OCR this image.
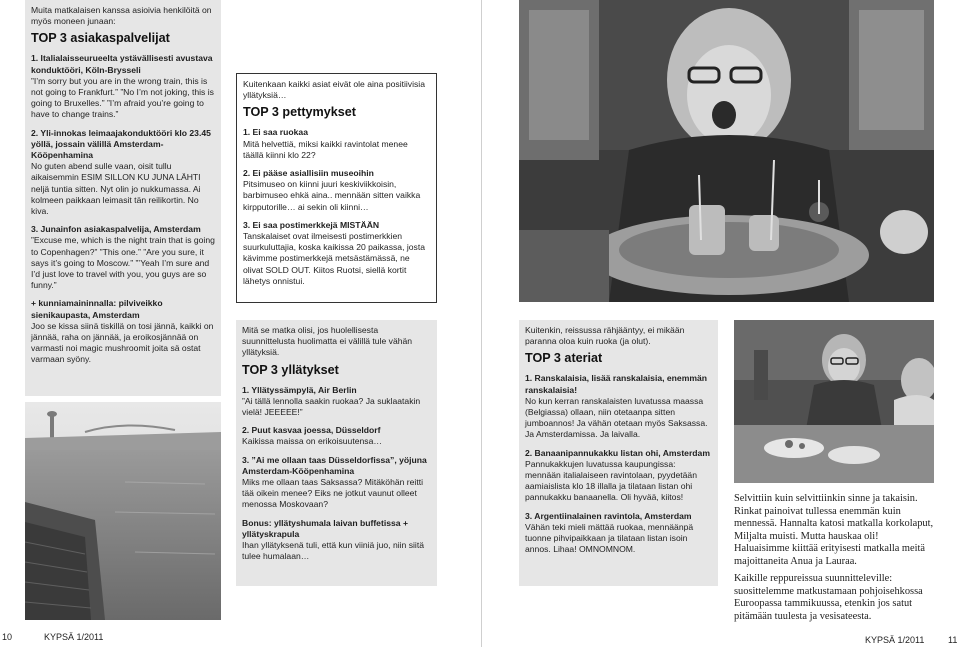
Muita matkalaisen kanssa asioivia henkilöitä on myös moneen junaan:
TOP 3 asiakaspalvelijat
1. Italialaisseurueelta ystävällisesti avustava konduktööri, Köln-Brysseli
”I’m sorry but you are in the wrong train, this is not going to Frankfurt.” ”No I’m not joking, this is going to Bruxelles.” ”I’m afraid you’re going to have to change trains.”
2. Yli-innokas leimaajakonduktööri klo 23.45 yöllä, jossain välillä Amsterdam-Kööpenhamina
No guten abend sulle vaan, oisit tullu aikaisemmin ESIM SILLON KU JUNA LÄHTI neljä tuntia sitten. Nyt olin jo nukkumassa. Ai kolmeen paikkaan leimasit tän reilikortin. No kiva.
3. Junainfon asiakaspalvelija, Amsterdam
”Excuse me, which is the night train that is going to Copenhagen?” ”This one.” ”Are you sure, it says it’s going to Moscow.” ”’Yeah I’m sure and I’d just love to travel with you, you guys are so funny.”
+ kunniamaininnalla: pilviveikko sienikaupasta, Amsterdam
Joo se kissa siinä tiskillä on tosi jännä, kaikki on jännää, raha on jännää, ja eroikosjännää on varmasti noi magic mushroomit joita sä ostat varmaan syöny.
10	KYPSÄ 1/2011
Kuitenkaan kaikki asiat eivät ole aina positiivisia yllätyksiä…
TOP 3 pettymykset
1. Ei saa ruokaa
Mitä helvettiä, miksi kaikki ravintolat menee täällä kiinni klo 22?
2. Ei pääse asiallisiin museoihin
Pitsimuseo on kiinni juuri keskiviikkoisin, barbimuseo ehkä aina.. mennään sitten vaikka kirpputorille… ai sekin oli kiinni…
3. Ei saa postimerkkejä MISTÄÄN
Tanskalaiset ovat ilmeisesti postimerkkien suurkuluttajia, koska kaikissa 20 paikassa, josta kävimme postimerkkejä metsästämässä, ne olivat SOLD OUT. Kiitos Ruotsi, siellä kortit lähetys onnistui.
Mitä se matka olisi, jos huolellisesta suunnittelusta huolimatta ei välillä tule vähän yllätyksiä.
TOP 3 yllätykset
1. Yllätyssämpylä, Air Berlin
”Ai tällä lennolla saakin ruokaa? Ja suklaatakin vielä! JEEEEE!”
2. Puut kasvaa joessa, Düsseldorf
Kaikissa maissa on erikoisuutensa…
3. ”Ai me ollaan taas Düsseldorfissa”, yöjuna Amsterdam-Kööpenhamina
Miks me ollaan taas Saksassa? Mitäköhän reitti tää oikein menee? Eiks ne jotkut vaunut olleet menossa Moskovaan?
Bonus: yllätyshumala laivan buffetissa + yllätyskrapula
Ihan yllätyksenä tuli, että kun viiniä juo, niin siitä tulee humalaan…
Kuitenkin, reissussa rähjääntyy, ei mikään paranna oloa kuin ruoka (ja olut).
TOP 3 ateriat
1. Ranskalaisia, lisää ranskalaisia, enemmän ranskalaisia!
No kun kerran ranskalaisten luvatussa maassa (Belgiassa) ollaan, niin otetaanpa sitten jumboannos! Ja vähän otetaan myös Saksassa. Ja Amsterdamissa. Ja laivalla.
2. Banaanipannukakku listan ohi, Amsterdam
Pannukakkujen luvatussa kaupungissa: mennään italialaiseen ravintolaan, pyydetään aamiaislista klo 18 illalla ja tilataan listan ohi pannukakku banaanella. Oli hyvää, kiitos!
3. Argentiinalainen ravintola, Amsterdam
Vähän teki mieli mättää ruokaa, mennäänpä tuonne pihvipaikkaan ja tilataan listan isoin annos. Lihaa! OMNOMNOM.
Selvittiin kuin selvittiinkin sinne ja takaisin. Rinkat painoivat tullessa enemmän kuin mennessä. Hannalta katosi matkalla korkolaput, Miljalta muisti. Mutta hauskaa oli! Haluaisimme kiittää erityisesti matkalla meitä majoittaneita Anua ja Lauraa.
Kaikille reppureissua suunnitteleville: suosittelemme matkustamaan pohjoisehkossa Euroopassa tammikuussa, etenkin jos satut pitämään tuulesta ja vesisateesta.
KYPSÄ 1/2011	11
